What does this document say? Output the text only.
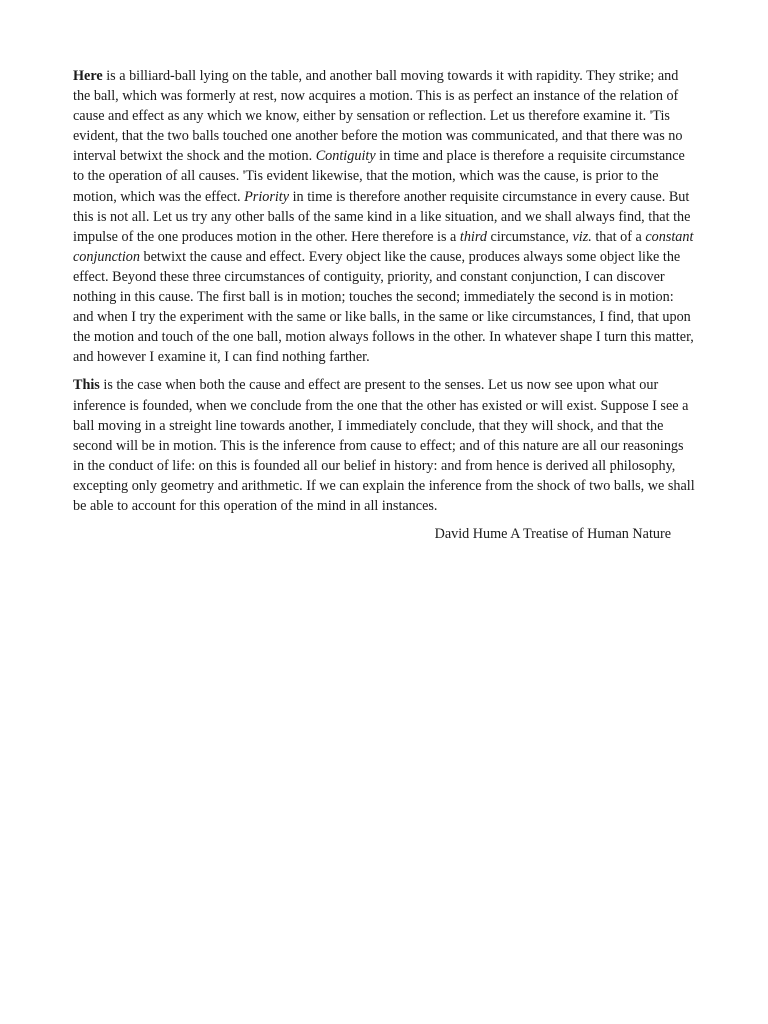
Here is a billiard-ball lying on the table, and another ball moving towards it with rapidity. They strike; and the ball, which was formerly at rest, now acquires a motion. This is as perfect an instance of the relation of cause and effect as any which we know, either by sensation or reflection. Let us therefore examine it. 'Tis evident, that the two balls touched one another before the motion was communicated, and that there was no interval betwixt the shock and the motion. Contiguity in time and place is therefore a requisite circumstance to the operation of all causes. 'Tis evident likewise, that the motion, which was the cause, is prior to the motion, which was the effect. Priority in time is therefore another requisite circumstance in every cause. But this is not all. Let us try any other balls of the same kind in a like situation, and we shall always find, that the impulse of the one produces motion in the other. Here therefore is a third circumstance, viz. that of a constant conjunction betwixt the cause and effect. Every object like the cause, produces always some object like the effect. Beyond these three circumstances of contiguity, priority, and constant conjunction, I can discover nothing in this cause. The first ball is in motion; touches the second; immediately the second is in motion: and when I try the experiment with the same or like balls, in the same or like circumstances, I find, that upon the motion and touch of the one ball, motion always follows in the other. In whatever shape I turn this matter, and however I examine it, I can find nothing farther.

This is the case when both the cause and effect are present to the senses. Let us now see upon what our inference is founded, when we conclude from the one that the other has existed or will exist. Suppose I see a ball moving in a streight line towards another, I immediately conclude, that they will shock, and that the second will be in motion. This is the inference from cause to effect; and of this nature are all our reasonings in the conduct of life: on this is founded all our belief in history: and from hence is derived all philosophy, excepting only geometry and arithmetic. If we can explain the inference from the shock of two balls, we shall be able to account for this operation of the mind in all instances.

David Hume A Treatise of Human Nature
